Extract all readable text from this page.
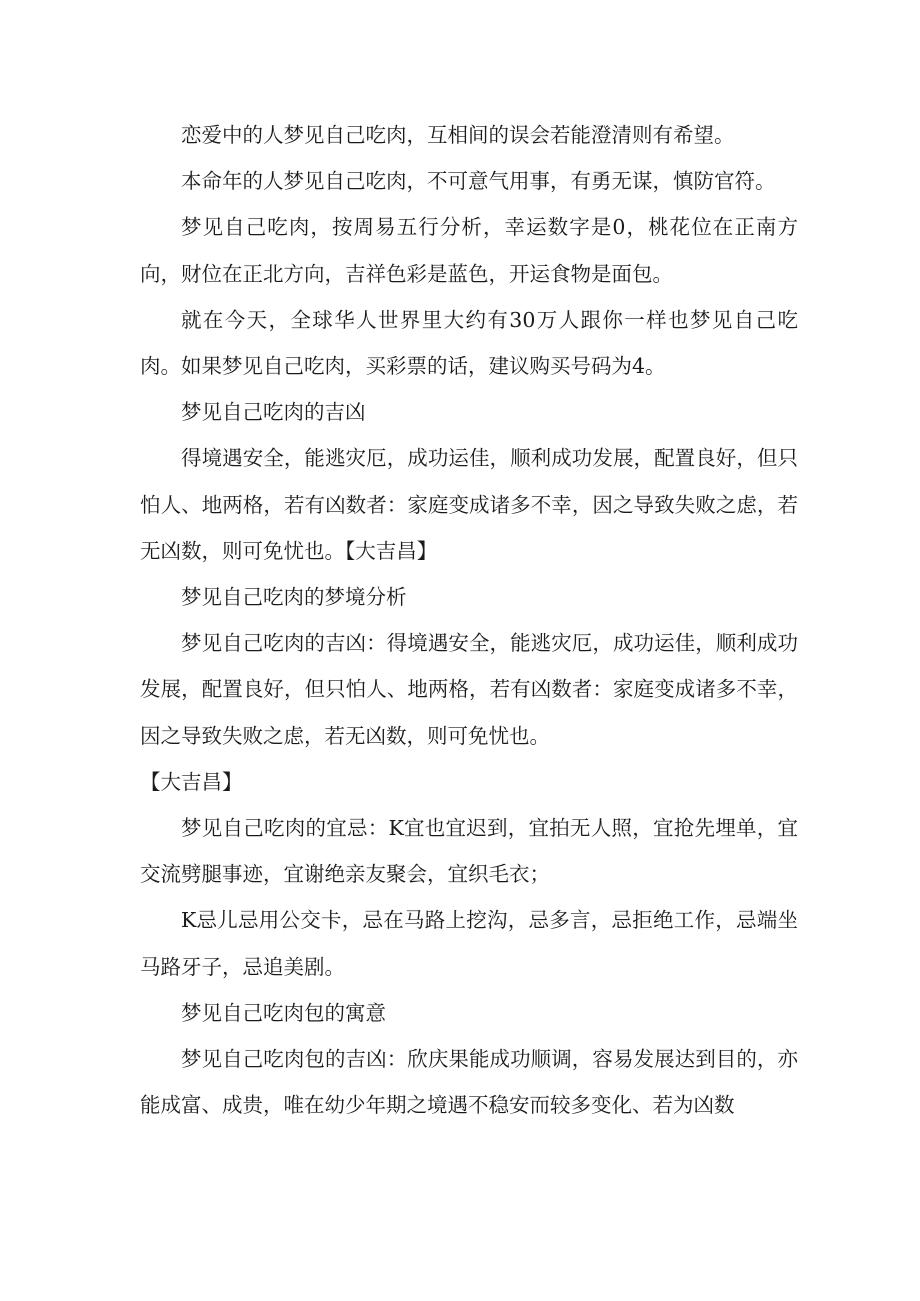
恋爱中的人梦见自己吃肉，互相间的误会若能澄清则有希望。

本命年的人梦见自己吃肉，不可意气用事，有勇无谋，慎防官符。

梦见自己吃肉，按周易五行分析，幸运数字是0，桃花位在正南方向，财位在正北方向，吉祥色彩是蓝色，开运食物是面包。

就在今天，全球华人世界里大约有30万人跟你一样也梦见自己吃肉。如果梦见自己吃肉，买彩票的话，建议购买号码为4。

梦见自己吃肉的吉凶

得境遇安全，能逃灾厄，成功运佳，顺利成功发展，配置良好，但只怕人、地两格，若有凶数者：家庭变成诸多不幸，因之导致失败之虑，若无凶数，则可免忧也。【大吉昌】

梦见自己吃肉的梦境分析

梦见自己吃肉的吉凶：得境遇安全，能逃灾厄，成功运佳，顺利成功发展，配置良好，但只怕人、地两格，若有凶数者：家庭变成诸多不幸，因之导致失败之虑，若无凶数，则可免忧也。

【大吉昌】

梦见自己吃肉的宜忌：K宜也宜迟到，宜拍无人照，宜抢先埋单，宜交流劈腿事迹，宜谢绝亲友聚会，宜织毛衣；

K忌儿忌用公交卡，忌在马路上挖沟，忌多言，忌拒绝工作，忌端坐马路牙子，忌追美剧。

梦见自己吃肉包的寓意

梦见自己吃肉包的吉凶：欣庆果能成功顺调，容易发展达到目的，亦能成富、成贵，唯在幼少年期之境遇不稳安而较多变化、若为凶数
